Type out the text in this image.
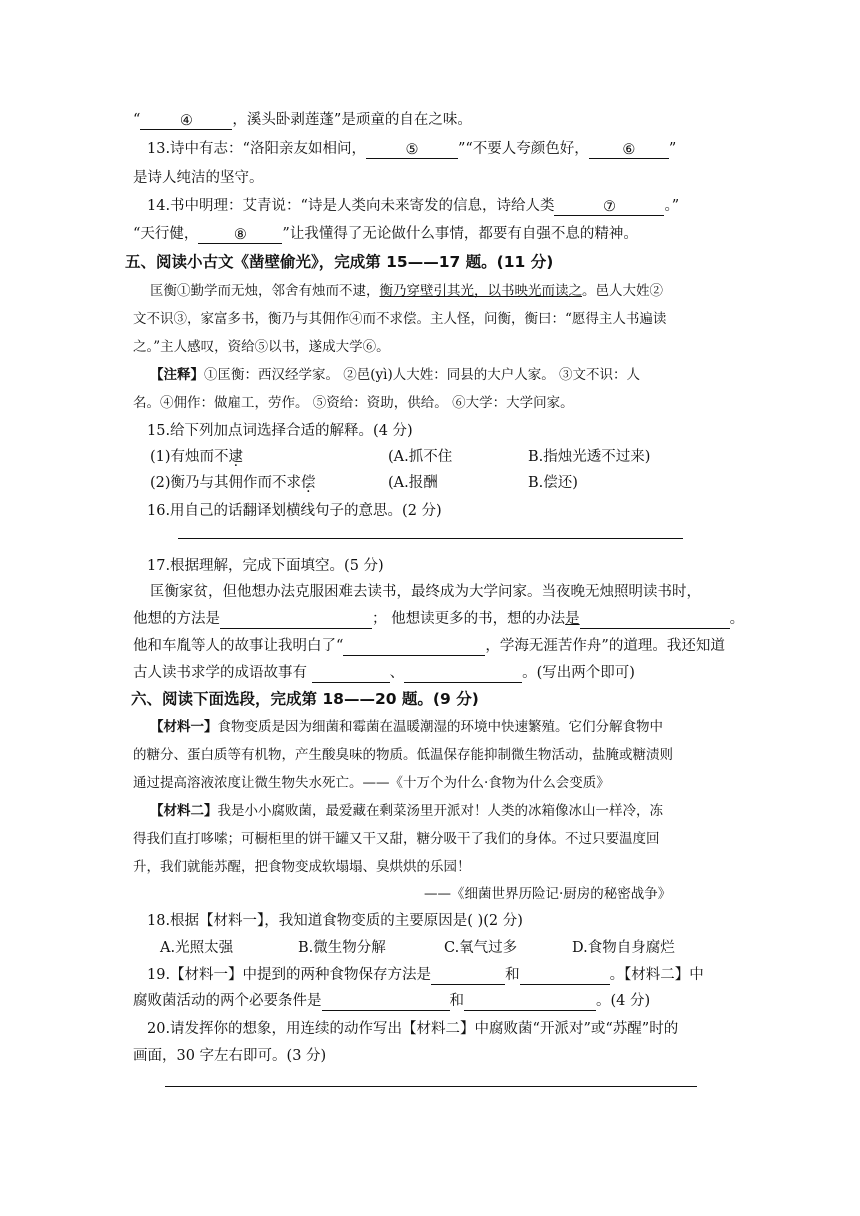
“	④	，溪头卧剥莲蓬”是顽童的自在之味。
13.诗中有志：“洛阳亲友如相问，	⑤	”“不要人夸颜色好， ⑥ ”
是诗人纯洁的坚守。
14.书中明理：艾青说：“诗是人类向未来寄发的信息，诗给人类	⑦	。”
“天行健， ⑧ ”让我懂得了无论做什么事情，都要有自强不息的精神。
五、阅读小古文《凿壁偷光》，完成第 15——17 题。(11 分)
匡衡①勤学而无烛，邻舍有烛而不逮，衡乃穿壁引其光，以书映光而读之。邑人大姓②
文不识③，家富多书，衡乃与其佣作④而不求偿。主人怪，问衡，衡曰：“愿得主人书遍读
之。”主人感叹，资给⑤以书，遂成大学⑥。
【注释】①匡衡：西汉经学家。 ②邑(yì)人大姓：同县的大户人家。 ③文不识：人
名。④佣作：做雇工，劳作。 ⑤资给：资助，供给。 ⑥大学：大学问家。
15.给下列加点词选择合适的解释。(4 分)
(1)有烛而不逮	(A.抓不住	B.指烛光透不过来)
(2)衡乃与其佣作而不求偿	(A.报酬	B.偿还)
16.用自己的话翻译划横线句子的意思。(2 分)
17.根据理解，完成下面填空。(5 分)
匡衡家贫，但他想办法克服困难去读书，最终成为大学问家。当夜晚无烛照明读书时，
他想的方法是	； 他想读更多的书，想的办法是	。
他和车胤等人的故事让我明白了“	，学海无涯苦作舟”的道理。我还知道
古人读书求学的成语故事有	、	。(写出两个即可)
六、阅读下面选段，完成第 18——20 题。(9 分)
【材料一】食物变质是因为细菌和霉菌在温暖潮湿的环境中快速繁殖。它们分解食物中
的糖分、蛋白质等有机物，产生酸臭味的物质。低温保存能抑制微生物活动，盐腌或糖渍则
通过提高溶液浓度让微生物失水死亡。——《十万个为什么·食物为什么会变质》
【材料二】我是小小腐败菌，最爱藏在剩菜汤里开派对！人类的冰箱像冰山一样冷，冻
得我们直打哆嗦；可橱柜里的饼干罐又干又甜，糖分吸干了我们的身体。不过只要温度回
升，我们就能苏醒，把食物变成软塌塌、臭烘烘的乐园！
——《细菌世界历险记·厨房的秘密战争》
18.根据【材料一】，我知道食物变质的主要原因是( )(2 分)
A.光照太强	B.微生物分解	C.氧气过多	D.食物自身腐烂
19.【材料一】中提到的两种食物保存方法是	和	。【材料二】中
腐败菌活动的两个必要条件是	和	。(4 分)
20.请发挥你的想象，用连续的动作写出【材料二】中腐败菌“开派对”或“苏醒”时的
画面，30 字左右即可。(3 分)
